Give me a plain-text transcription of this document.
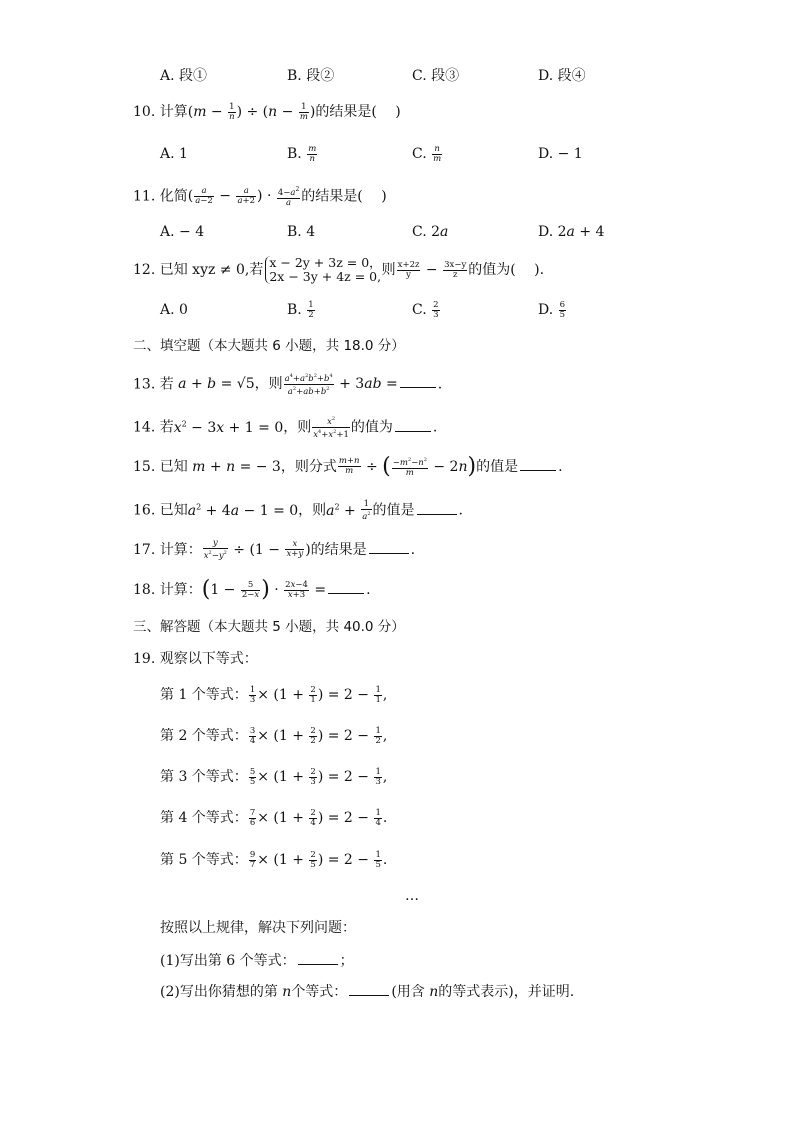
A. 段①	B. 段②	C. 段③	D. 段④
10. 计算($m - \frac{1}{n}$ ) ÷ ($n - \frac{1}{m}$ )的结果是(　 )
A. 1	B. $\frac{m}{n}$	C. $\frac{n}{m}$	D. − 1
11. 化简( $\frac{a}{a-2} - \frac{a}{a+2}$ ) · $\frac{4-a^2}{a}$ 的结果是(　 )
A. − 4	B. 4	C. 2a	D. 2a + 4
12. 已知 xyz ≠ 0,若 x − 2y + 3z = 0，
2x − 3y + 4z = 0, 则 $\frac{x+2z}{y} - \frac{3x-y}{z}$ 的值为(　 ).
A. 0	B. $\frac{1}{2}$	C. $\frac{2}{3}$	D. $\frac{6}{5}$
二、填空题（本大题共 6 小题，共 18.0 分）
13. 若 a + b = √5，则 $\frac{a^4+a^2b^2+b^4}{a^2+ab+b^2} + 3ab$ =	.
14. 若$x^2 - 3x + 1 = 0$，则 $\frac{x^2}{x^4+x^2+1}$ 的值为	.
15. 已知 m + n = − 3，则分式 $\frac{m+n}{m}$ ÷ ( $\frac{-m^2-n^2}{m} - 2n$)的值是	.
16. 已知$a^2 + 4a - 1 = 0$，则$a^2 + \frac{1}{a^2}$ 的值是	.
17. 计算： $\frac{y}{x^2-y^2} \div (1 - \frac{x}{x+y}$ )的结果是	.
18. 计算：($1 - \frac{5}{2-x}$ ) · $\frac{2x-4}{x+3}$ =	.
三、解答题（本大题共 5 小题，共 40.0 分）
19. 观察以下等式：
第 1 个等式： $\frac{1}{3} \times (1 + \frac{2}{1}$ ) = $2 - \frac{1}{1}$ ,
第 2 个等式： $\frac{3}{4} \times (1 + \frac{2}{2}$ ) = $2 - \frac{1}{2}$ ,
第 3 个等式： $\frac{5}{5} \times (1 + \frac{2}{3}$ ) = $2 - \frac{1}{3}$ ,
第 4 个等式： $\frac{7}{6} \times (1 + \frac{2}{4}$ ) = $2 - \frac{1}{4}$ .
第 5 个等式： $\frac{9}{7} \times (1 + \frac{2}{5}$ ) = $2 - \frac{1}{5}$ .
…
按照以上规律，解决下列问题：
(1)写出第 6 个等式：	；
(2)写出你猜想的第 n个等式：	(用含 n的等式表示)，并证明.
